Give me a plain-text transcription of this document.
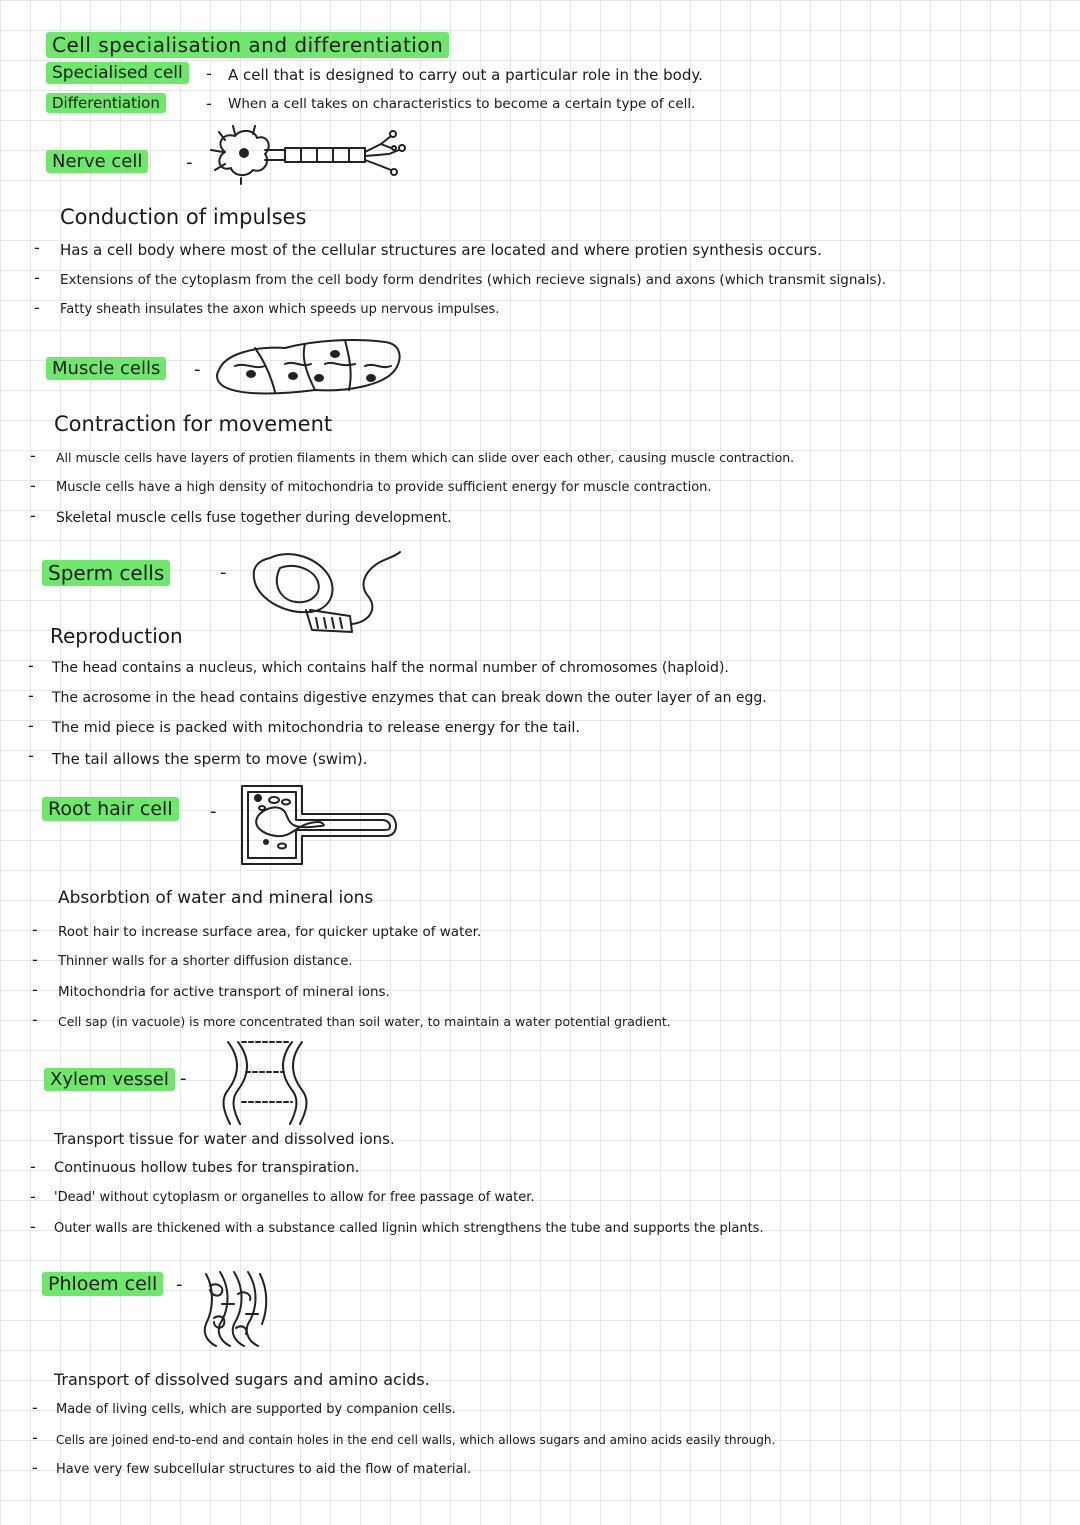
Cell specialisation and differentiation
Specialised cell	- A cell that is designed to carry out a particular role in the body.
Differentiation	- When a cell takes on characteristics to become a certain type of cell.
Nerve cell	-
Conduction of impulses
- Has a cell body where most of the cellular structures are located and where protien synthesis occurs.
- Extensions of the cytoplasm from the cell body form dendrites (which recieve signals) and axons (which transmit signals).
- Fatty sheath insulates the axon which speeds up nervous impulses.
Muscle cells	-
Contraction for movement
- All muscle cells have layers of protien filaments in them which can slide over each other, causing muscle contraction.
- Muscle cells have a high density of mitochondria to provide sufficient energy for muscle contraction.
- Skeletal muscle cells fuse together during development.
Sperm cells	-
Reproduction
- The head contains a nucleus, which contains half the normal number of chromosomes (haploid).
- The acrosome in the head contains digestive enzymes that can break down the outer layer of an egg.
- The mid piece is packed with mitochondria to release energy for the tail.
- The tail allows the sperm to move (swim).
Root hair cell	-
Absorbtion of water and mineral ions
- Root hair to increase surface area, for quicker uptake of water.
- Thinner walls for a shorter diffusion distance.
- Mitochondria for active transport of mineral ions.
- Cell sap (in vacuole) is more concentrated than soil water, to maintain a water potential gradient.
Xylem vessel -
Transport tissue for water and dissolved ions.
- Continuous hollow tubes for transpiration.
- 'Dead' without cytoplasm or organelles to allow for free passage of water.
- Outer walls are thickened with a substance called lignin which strengthens the tube and supports the plants.
Phloem cell	-
Transport of dissolved sugars and amino acids.
- Made of living cells, which are supported by companion cells.
- Cells are joined end-to-end and contain holes in the end cell walls, which allows sugars and amino acids easily through.
- Have very few subcellular structures to aid the flow of material.
